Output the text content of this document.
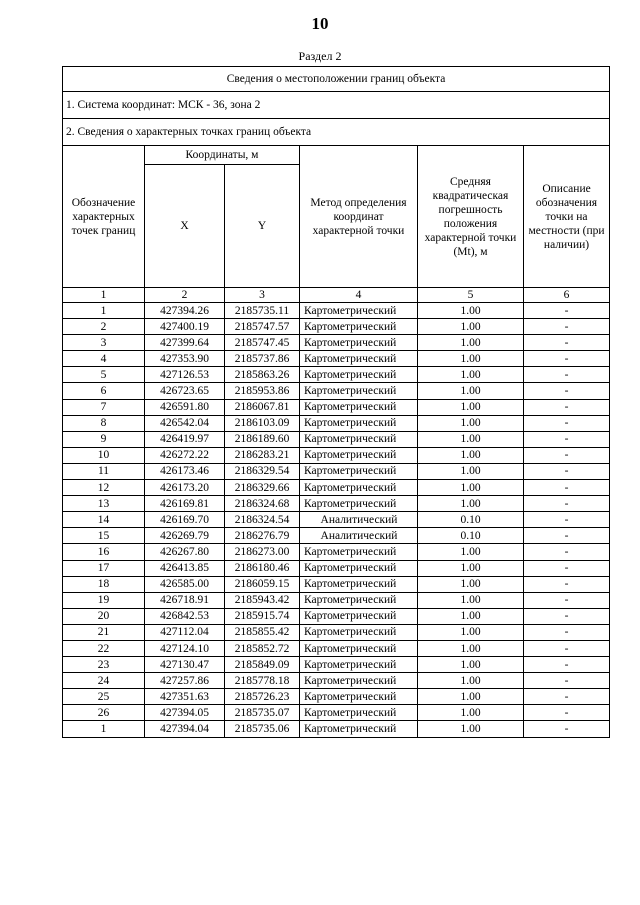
10
Раздел 2
Сведения о местоположении границ объекта					
1. Система координат: МСК - 36, зона 2					
2. Сведения о характерных точках границ объекта					
Обозначение характерных точек границ	Координаты, м		Метод определения координат характерной точки	Средняя квадратическая погрешность положения характерной точки (Mt), м	Описание обозначения точки на местности (при наличии)
	X	Y			
1	2	3	4	5	6
1	427394.26	2185735.11	Картометрический	1.00	-
2	427400.19	2185747.57	Картометрический	1.00	-
3	427399.64	2185747.45	Картометрический	1.00	-
4	427353.90	2185737.86	Картометрический	1.00	-
5	427126.53	2185863.26	Картометрический	1.00	-
6	426723.65	2185953.86	Картометрический	1.00	-
7	426591.80	2186067.81	Картометрический	1.00	-
8	426542.04	2186103.09	Картометрический	1.00	-
9	426419.97	2186189.60	Картометрический	1.00	-
10	426272.22	2186283.21	Картометрический	1.00	-
11	426173.46	2186329.54	Картометрический	1.00	-
12	426173.20	2186329.66	Картометрический	1.00	-
13	426169.81	2186324.68	Картометрический	1.00	-
14	426169.70	2186324.54	Аналитический	0.10	-
15	426269.79	2186276.79	Аналитический	0.10	-
16	426267.80	2186273.00	Картометрический	1.00	-
17	426413.85	2186180.46	Картометрический	1.00	-
18	426585.00	2186059.15	Картометрический	1.00	-
19	426718.91	2185943.42	Картометрический	1.00	-
20	426842.53	2185915.74	Картометрический	1.00	-
21	427112.04	2185855.42	Картометрический	1.00	-
22	427124.10	2185852.72	Картометрический	1.00	-
23	427130.47	2185849.09	Картометрический	1.00	-
24	427257.86	2185778.18	Картометрический	1.00	-
25	427351.63	2185726.23	Картометрический	1.00	-
26	427394.05	2185735.07	Картометрический	1.00	-
1	427394.04	2185735.06	Картометрический	1.00	-
